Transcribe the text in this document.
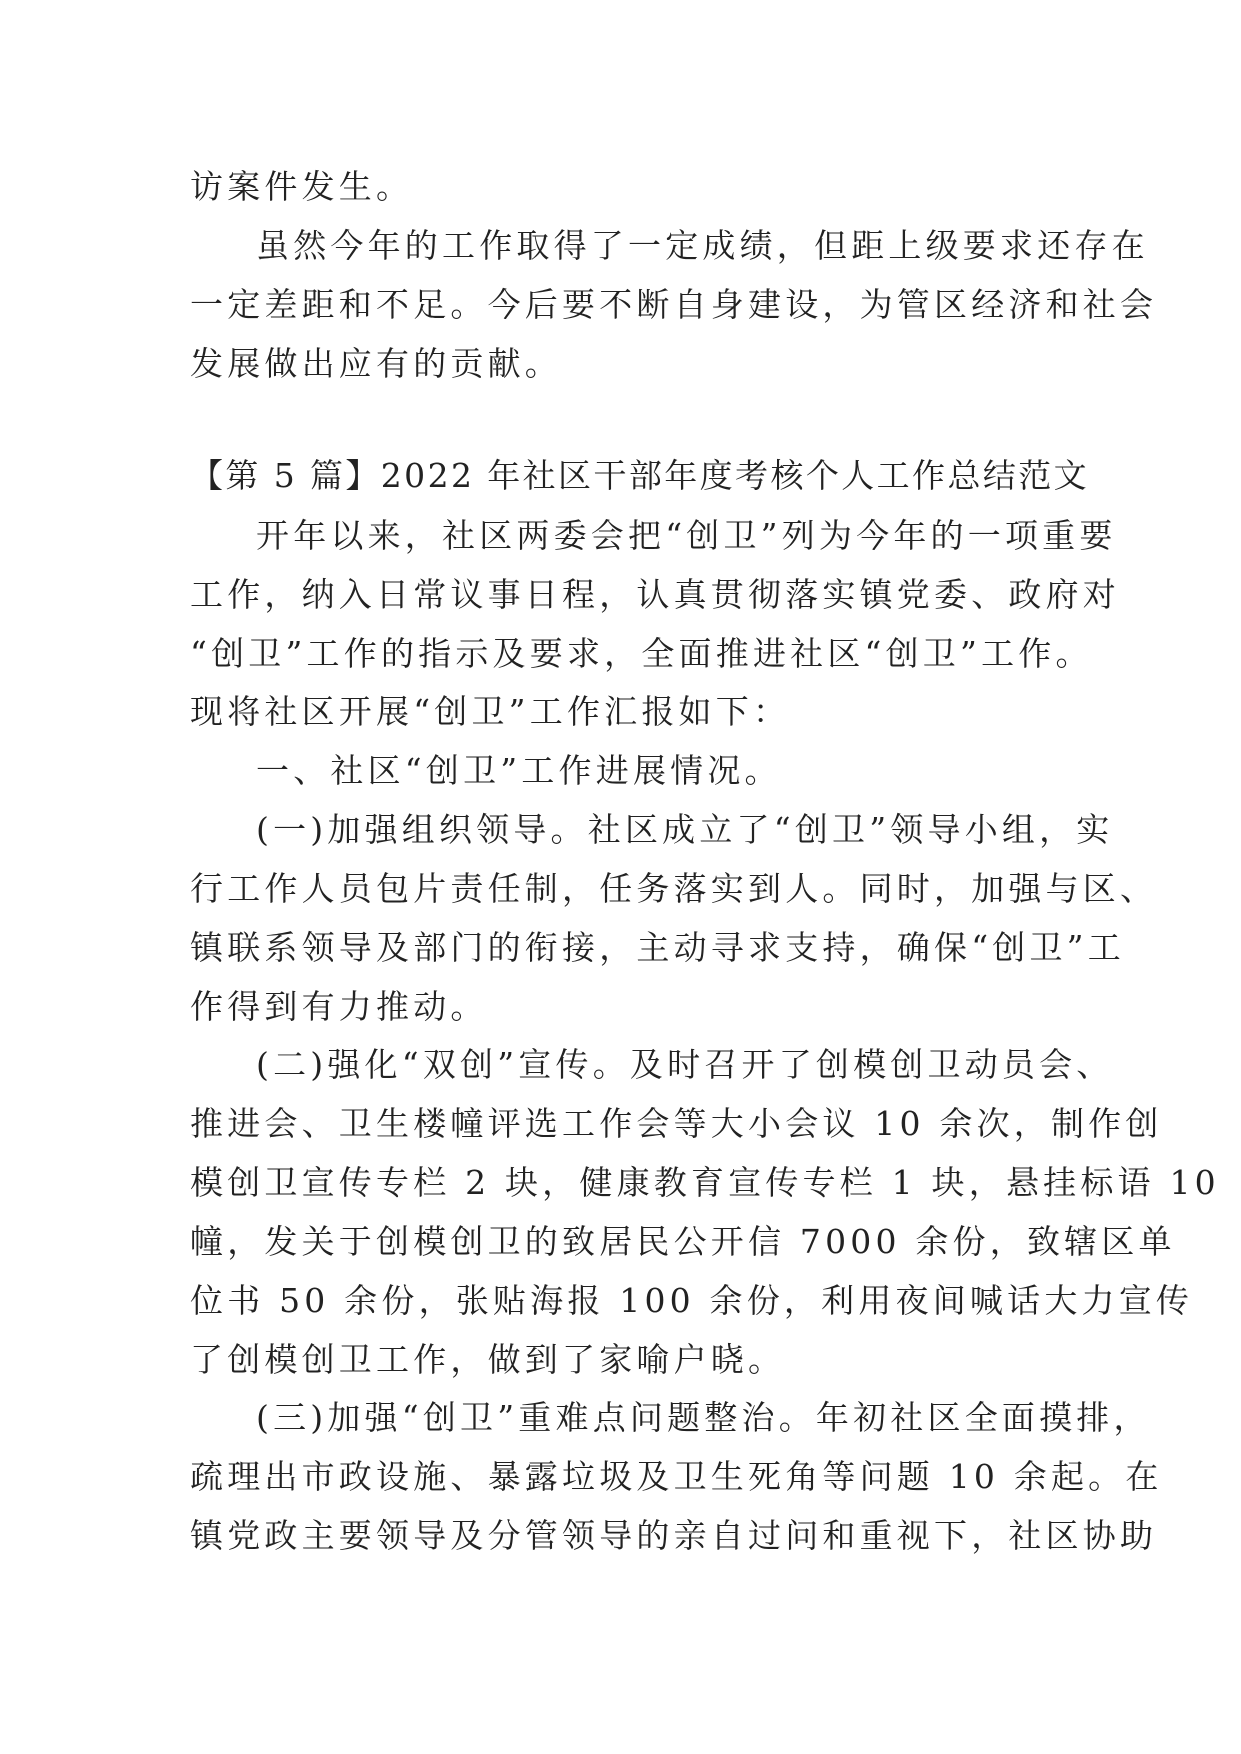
访案件发生。
虽然今年的工作取得了一定成绩，但距上级要求还存在
一定差距和不足。今后要不断自身建设，为管区经济和社会
发展做出应有的贡献。
【第 5 篇】2022 年社区干部年度考核个人工作总结范文
开年以来，社区两委会把“创卫”列为今年的一项重要
工作，纳入日常议事日程，认真贯彻落实镇党委、政府对
“创卫”工作的指示及要求，全面推进社区“创卫”工作。
现将社区开展“创卫”工作汇报如下：
一、社区“创卫”工作进展情况。
(一)加强组织领导。社区成立了“创卫”领导小组，实
行工作人员包片责任制，任务落实到人。同时，加强与区、
镇联系领导及部门的衔接，主动寻求支持，确保“创卫”工
作得到有力推动。
(二)强化“双创”宣传。及时召开了创模创卫动员会、
推进会、卫生楼幢评选工作会等大小会议 10 余次，制作创
模创卫宣传专栏 2 块，健康教育宣传专栏 1 块，悬挂标语 10
幢，发关于创模创卫的致居民公开信 7000 余份，致辖区单
位书 50 余份，张贴海报 100 余份，利用夜间喊话大力宣传
了创模创卫工作，做到了家喻户晓。
(三)加强“创卫”重难点问题整治。年初社区全面摸排，
疏理出市政设施、暴露垃圾及卫生死角等问题 10 余起。在
镇党政主要领导及分管领导的亲自过问和重视下，社区协助
